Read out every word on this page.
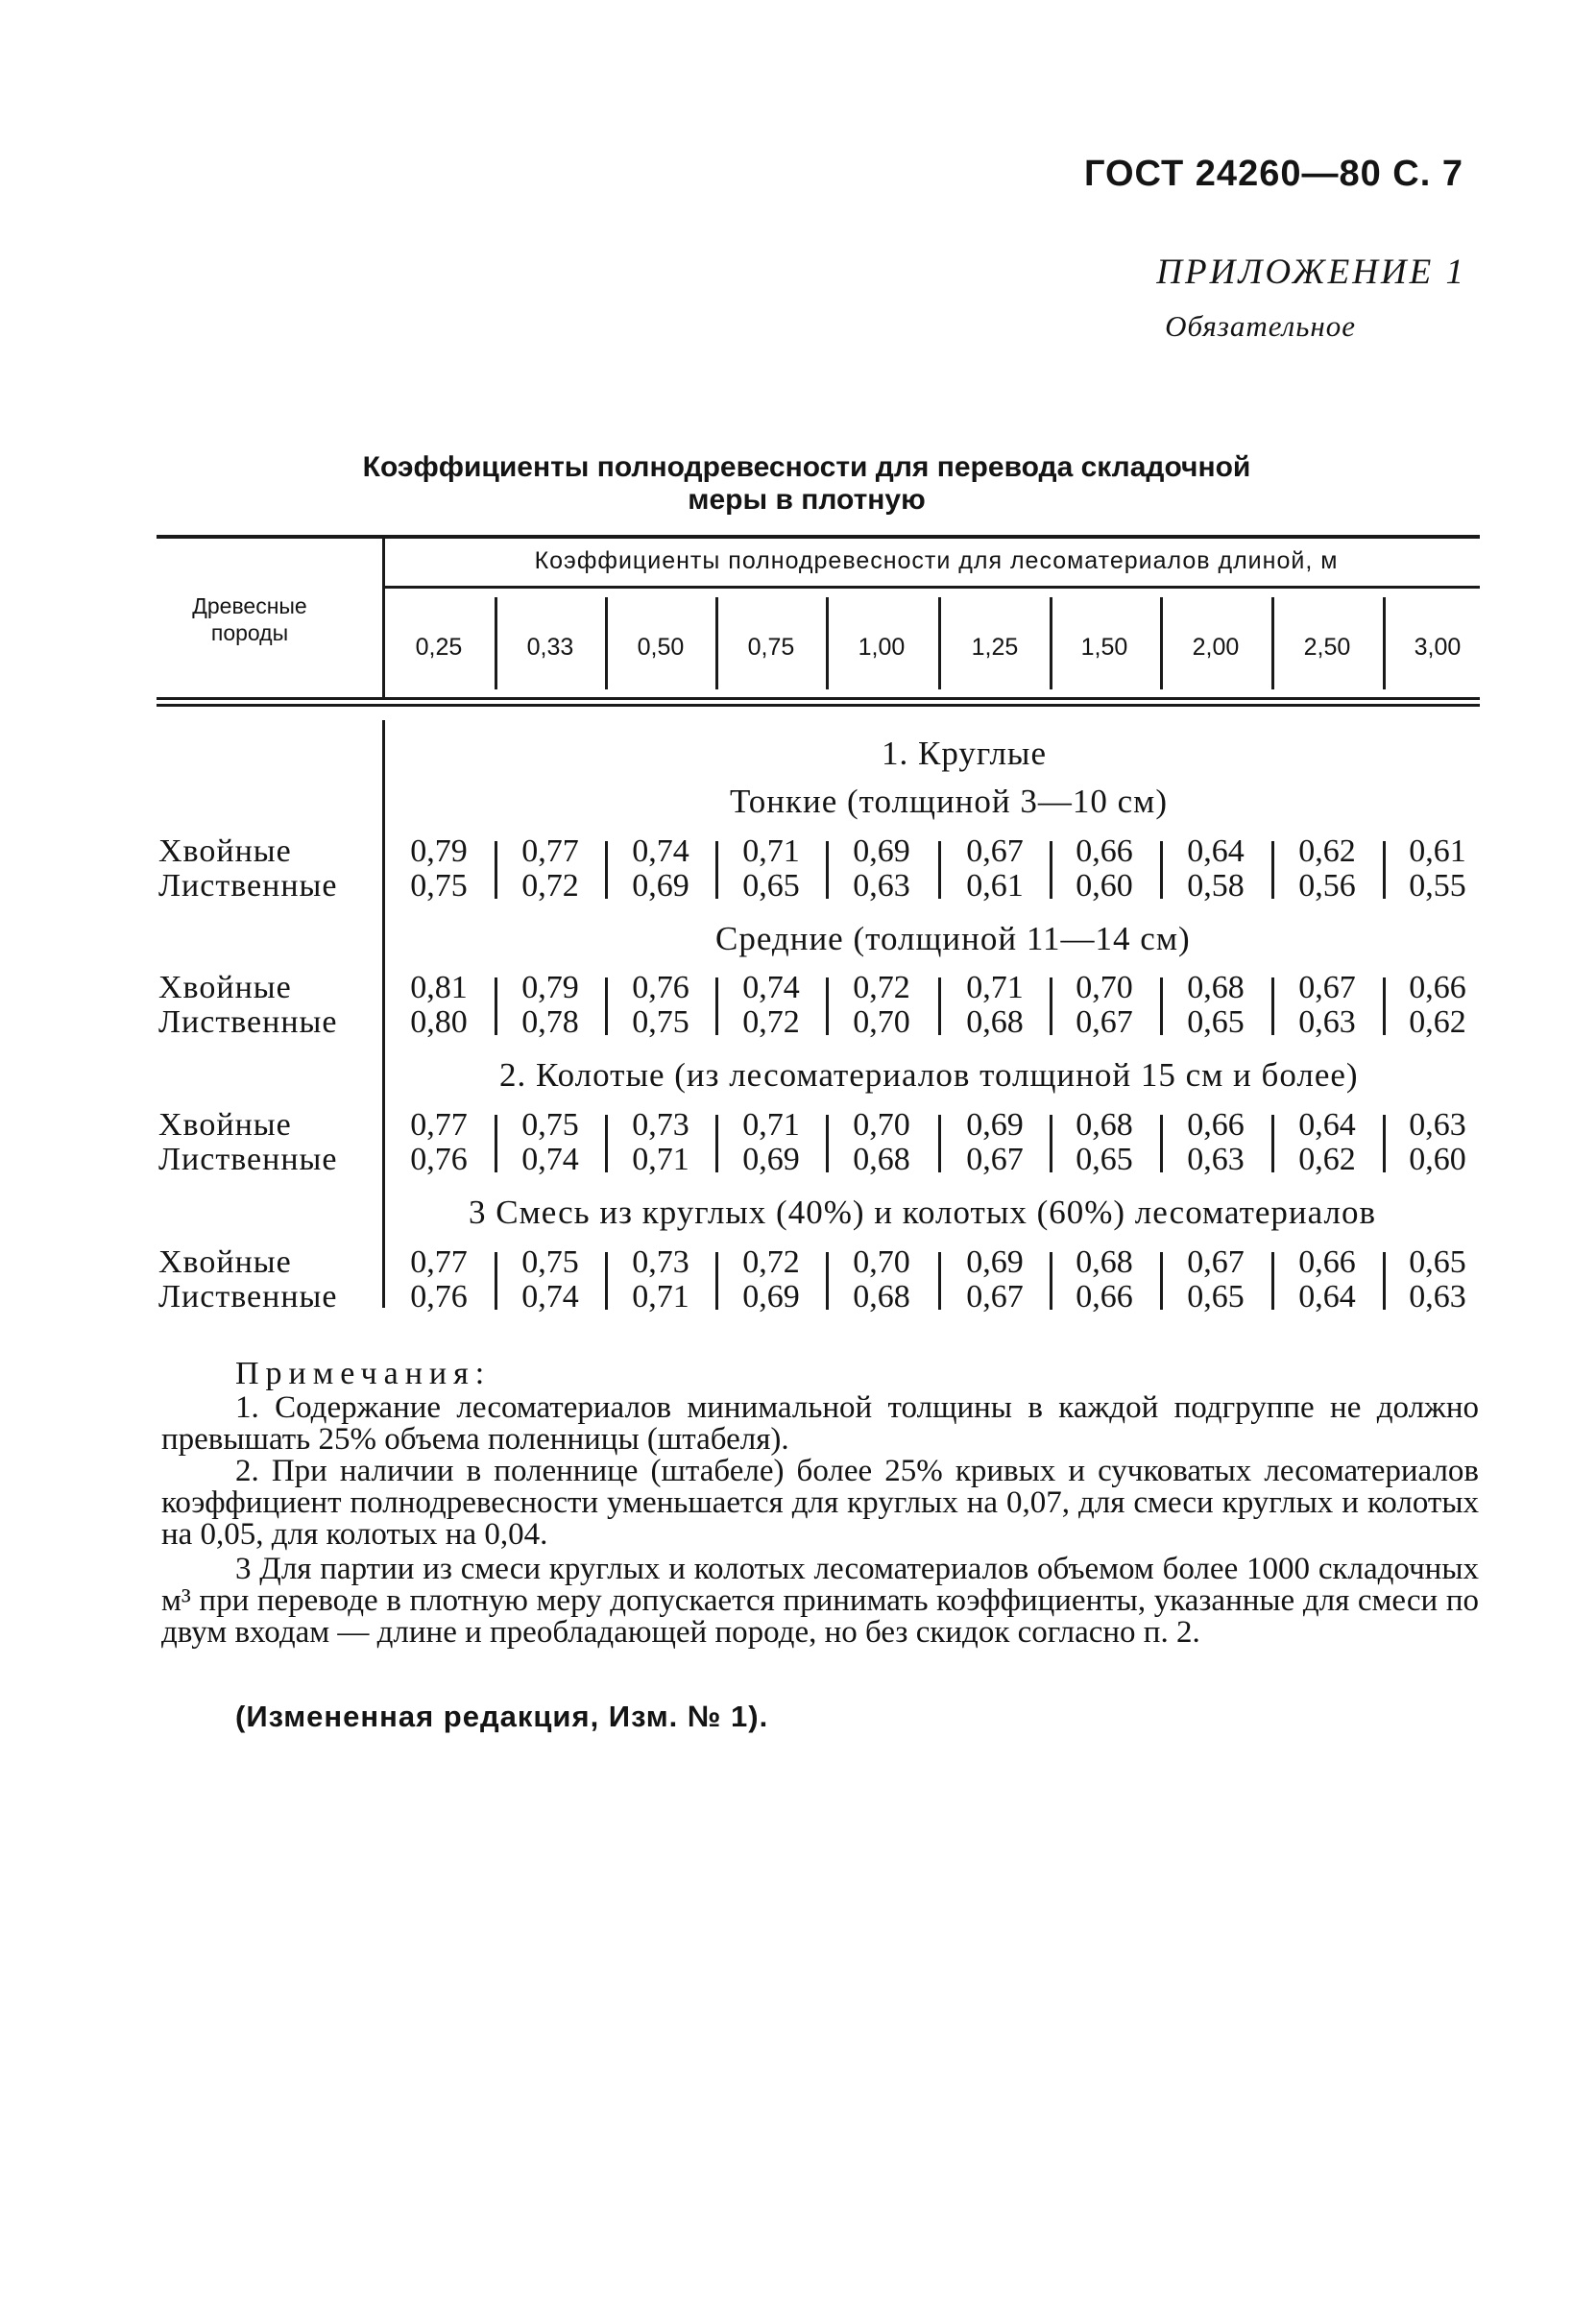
ГОСТ 24260—80 С. 7
ПРИЛОЖЕНИЕ 1
Обязательное
Коэффициенты полнодревесности для перевода складочной
меры в плотную
Древесные породы
Коэффициенты полнодревесности для лесоматериалов длиной, м
0,25	0,33	0,50	0,75	1,00	1,25	1,50	2,00	2,50	3,00
Хвойные	0,79	0,77	0,74	0,71	0,69	0,67	0,66	0,64	0,62	0,61
Лиственные	0,75	0,72	0,69	0,65	0,63	0,61	0,60	0,58	0,56	0,55
Хвойные	0,81	0,79	0,76	0,74	0,72	0,71	0,70	0,68	0,67	0,66
Лиственные	0,80	0,78	0,75	0,72	0,70	0,68	0,67	0,65	0,63	0,62
Хвойные	0,77	0,75	0,73	0,71	0,70	0,69	0,68	0,66	0,64	0,63
Лиственные	0,76	0,74	0,71	0,69	0,68	0,67	0,65	0,63	0,62	0,60
Хвойные	0,77	0,75	0,73	0,72	0,70	0,69	0,68	0,67	0,66	0,65
Лиственные	0,76	0,74	0,71	0,69	0,68	0,67	0,66	0,65	0,64	0,63
1. Круглые
Тонкие (толщиной 3—10 см)
Средние (толщиной 11—14 см)
2. Колотые (из лесоматериалов толщиной 15 см и более)
3 Смесь из круглых (40%) и колотых (60%) лесоматериалов
Примечания:
1. Содержание лесоматериалов минимальной толщины в каждой подгруппе не должно превышать 25% объема поленницы (штабеля).
2. При наличии в поленнице (штабеле) более 25% кривых и сучковатых лесоматериалов коэффициент полнодревесности уменьшается для круглых на 0,07, для смеси круглых и колотых на 0,05, для колотых на 0,04.
3 Для партии из смеси круглых и колотых лесоматериалов объемом более 1000 складочных м³ при переводе в плотную меру допускается принимать коэффициенты, указанные для смеси по двум входам — длине и преобладающей породе, но без скидок согласно п. 2.
(Измененная редакция, Изм. № 1).
